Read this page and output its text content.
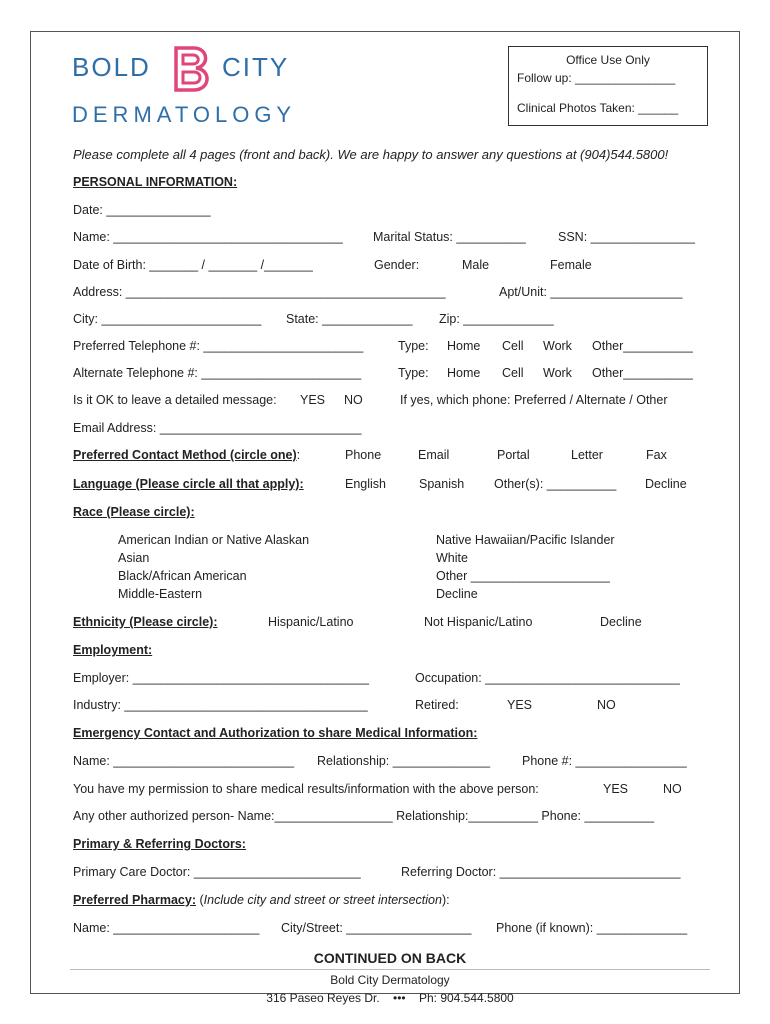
BOLD	CITY
DERMATOLOGY
Office Use Only
Follow up: _______________
Clinical Photos Taken: ______
Please complete all 4 pages (front and back). We are happy to answer any questions at (904)544.5800!
PERSONAL INFORMATION:
Date: _______________
Name: _________________________________ Marital Status: __________	SSN: _______________
Date of Birth: _______ / _______ /_______	Gender:	Male	Female
Address: ______________________________________________	Apt/Unit: ___________________
City: _______________________ State: _____________ Zip: _____________
Preferred Telephone #: _______________________	Type: Home Cell Work Other__________
Alternate Telephone #: _______________________	Type: Home Cell Work Other__________
Is it OK to leave a detailed message: YES NO	If yes, which phone: Preferred / Alternate / Other
Email Address: _____________________________
Preferred Contact Method (circle one):	Phone	Email	Portal	Letter	Fax
Language (Please circle all that apply):	English	Spanish Other(s): __________ Decline
Race (Please circle):
American Indian or Native Alaskan
Asian
Black/African American
Middle-Eastern
Native Hawaiian/Pacific Islander
White
Other ____________________
Decline
Ethnicity (Please circle):	Hispanic/Latino	Not Hispanic/Latino	Decline
Employment:
Employer: __________________________________	Occupation: ____________________________
Industry: ___________________________________	Retired:	YES	NO
Emergency Contact and Authorization to share Medical Information:
Name: __________________________ Relationship: ______________	Phone #: ________________
You have my permission to share medical results/information with the above person:	YES	NO
Any other authorized person- Name:_________________ Relationship:__________ Phone: __________
Primary & Referring Doctors:
Primary Care Doctor: ________________________	Referring Doctor: __________________________
Preferred Pharmacy: (Include city and street or street intersection):
Name: _____________________ City/Street: __________________ Phone (if known): _____________
CONTINUED ON BACK
Bold City Dermatology
316 Paseo Reyes Dr. ••• Ph: 904.544.5800
